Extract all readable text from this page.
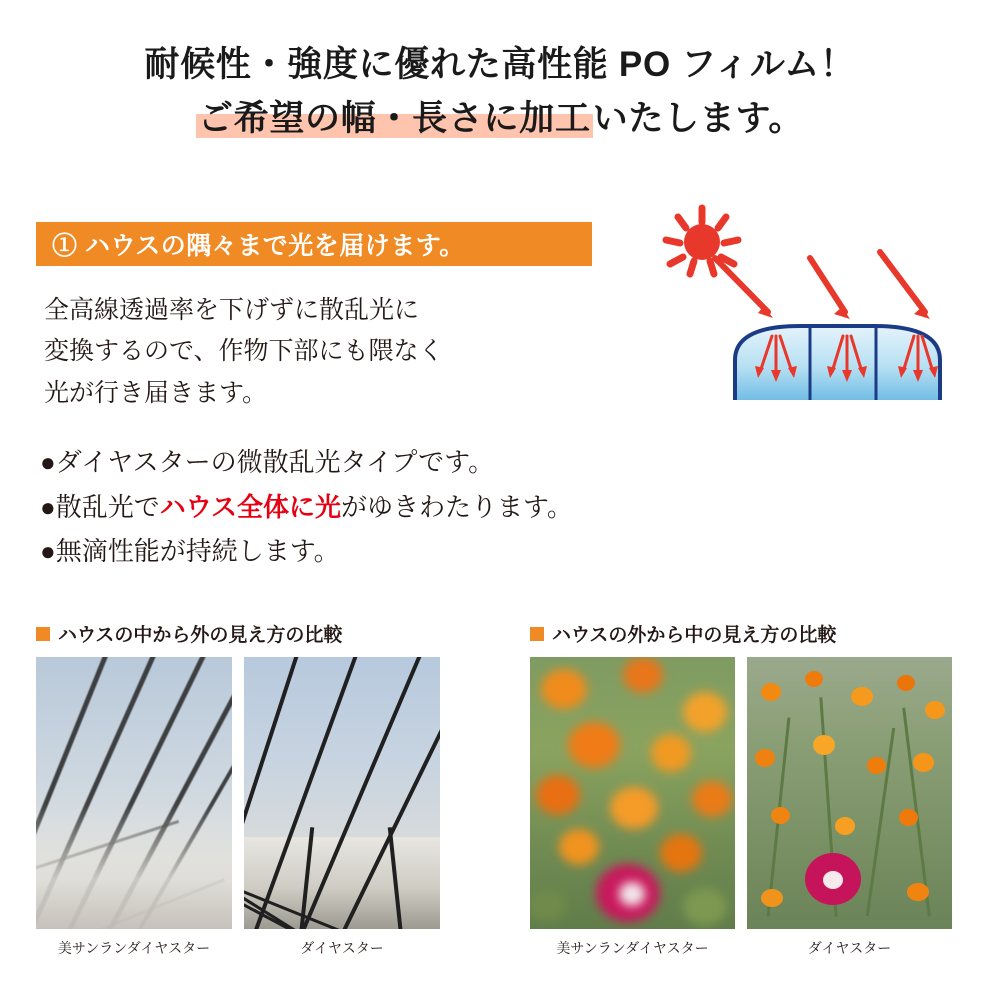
耐候性・強度に優れた高性能 PO フィルム！
ご希望の幅・長さに加工いたします。
① ハウスの隅々まで光を届けます。
全高線透過率を下げずに散乱光に
変換するので、作物下部にも隈なく
光が行き届きます。
●ダイヤスターの微散乱光タイプです。
●散乱光でハウス全体に光がゆきわたります。
●無滴性能が持続します。
ハウスの中から外の見え方の比較
美サンランダイヤスター	ダイヤスター
ハウスの外から中の見え方の比較
美サンランダイヤスター	ダイヤスター
